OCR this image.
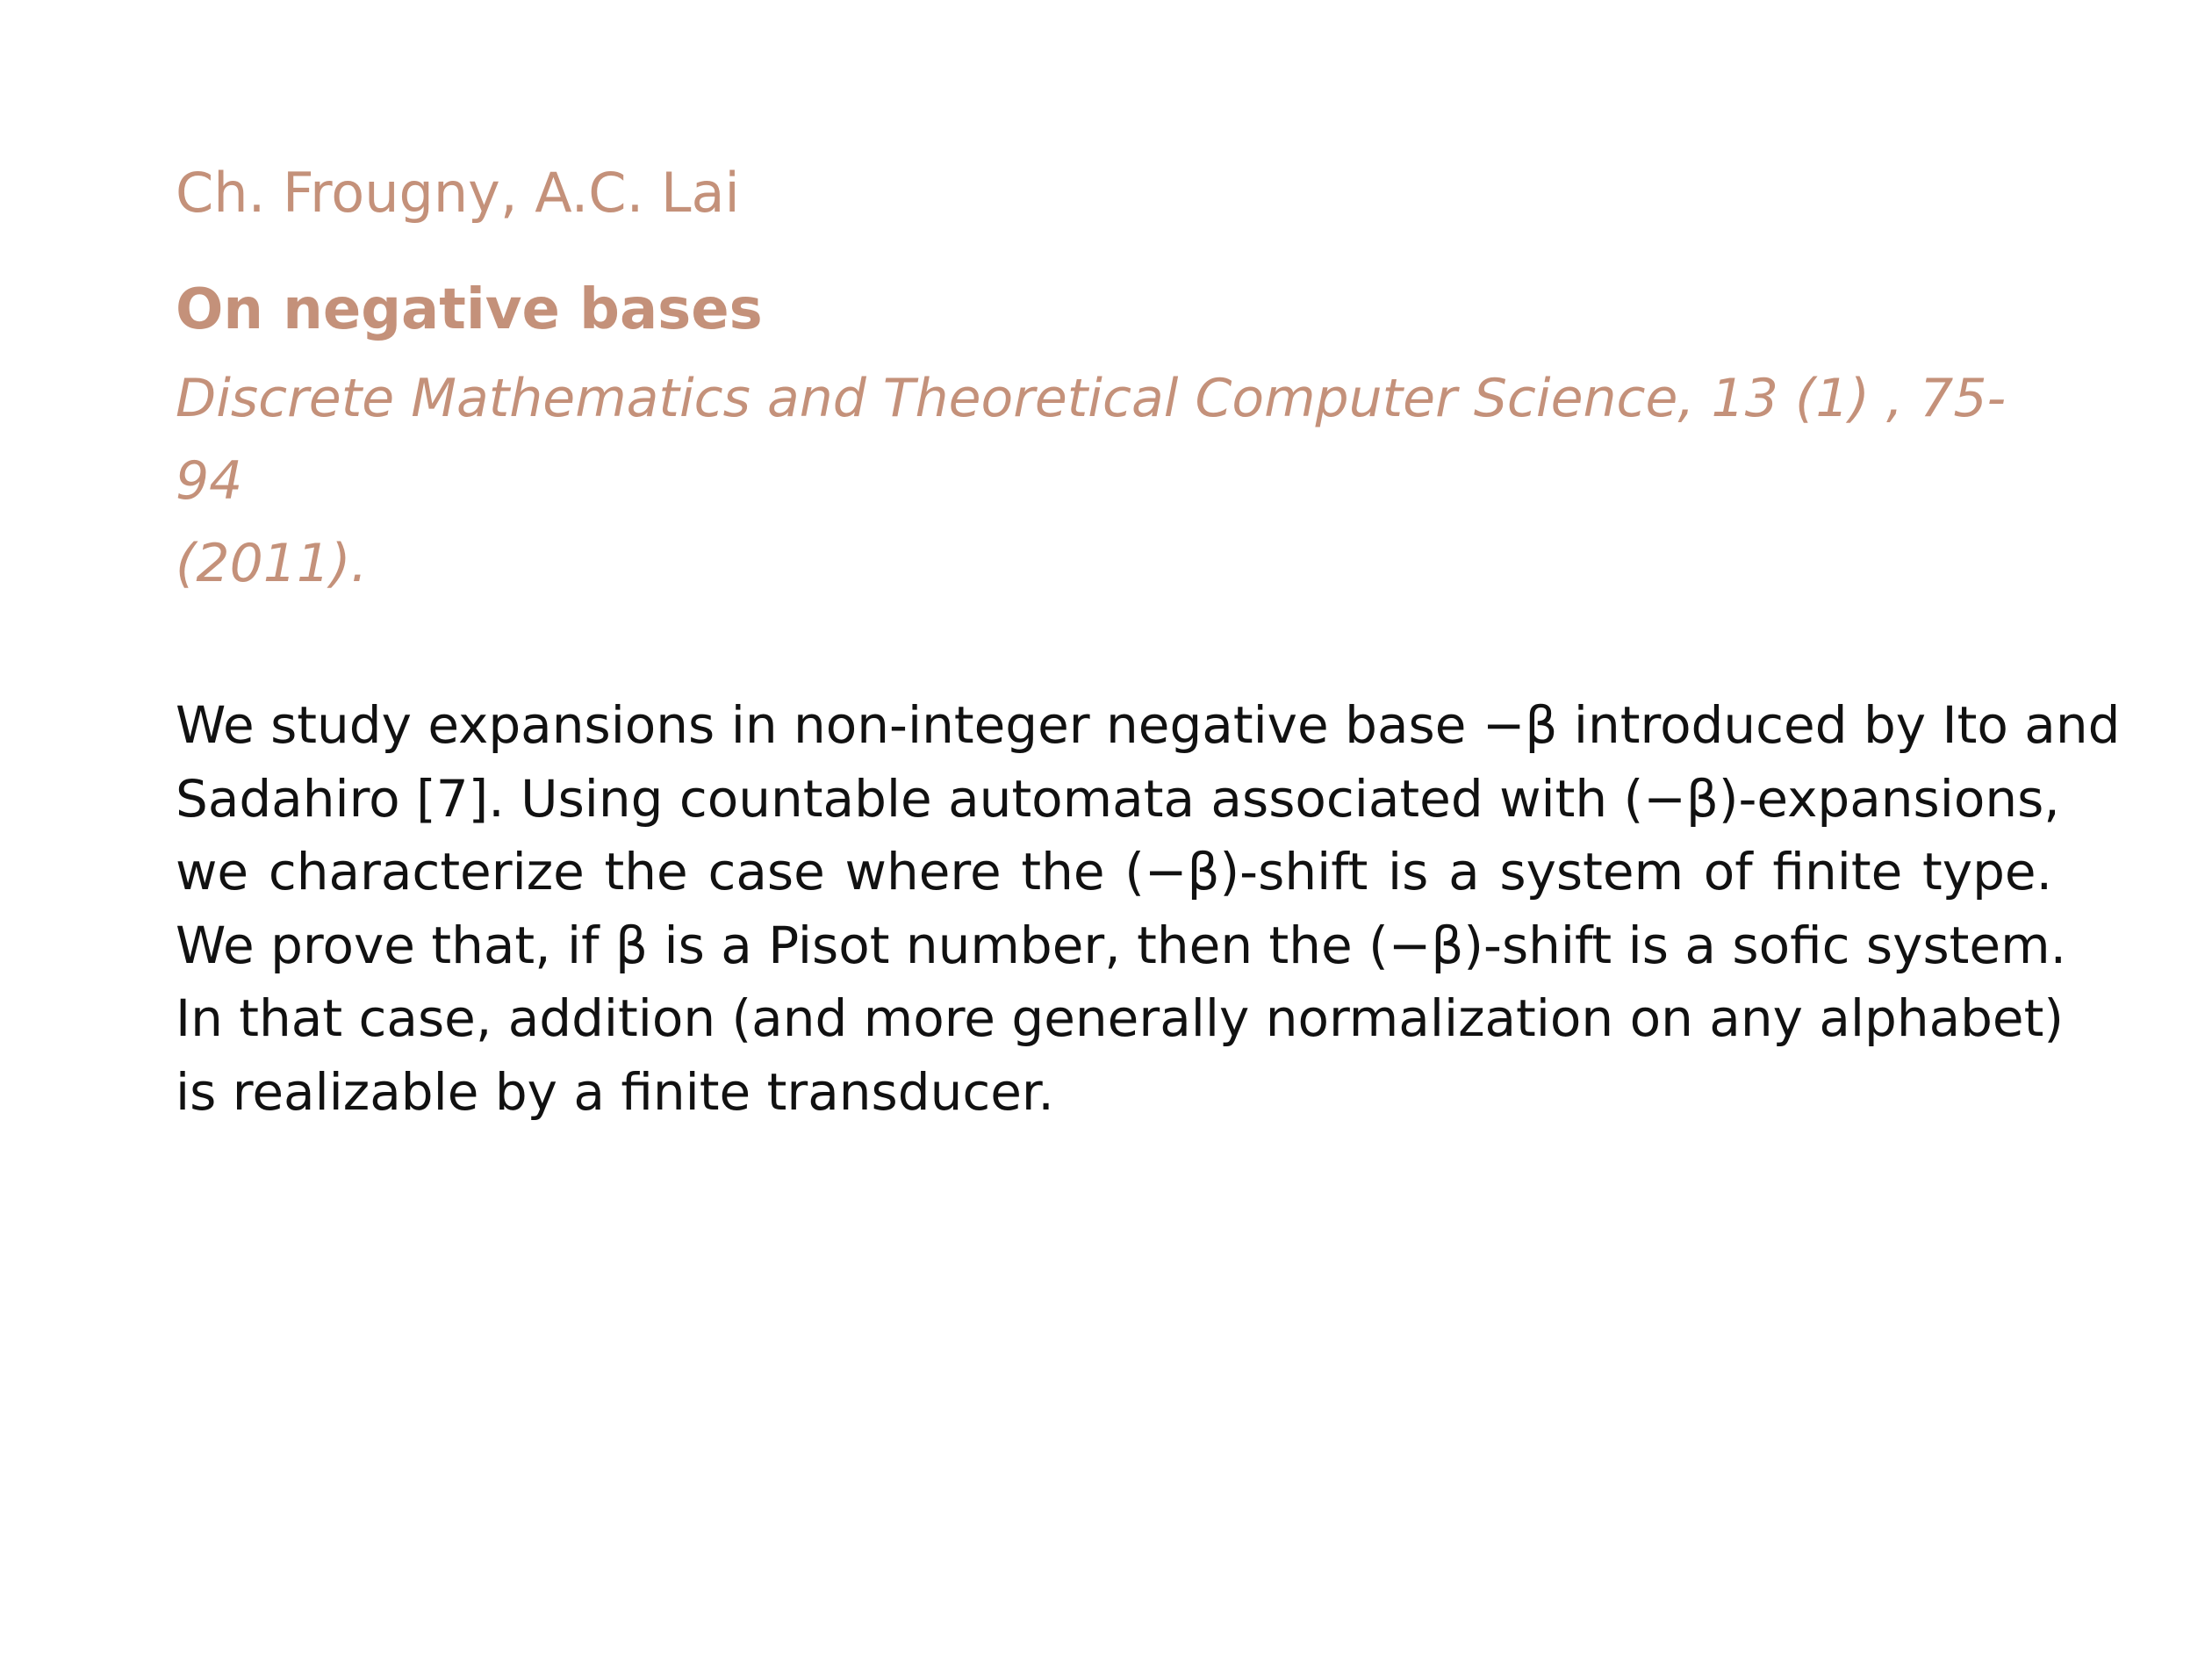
Ch. Frougny, A.C. Lai
On negative bases
Discrete Mathematics and Theoretical Computer Science, 13 (1) , 75-94
(2011).
We study expansions in non-integer negative base −β introduced by Ito and
Sadahiro [7]. Using countable automata associated with (−β)-expansions,
we characterize the case where the (−β)-shift is a system of finite type.
We prove that, if β is a Pisot number, then the (−β)-shift is a sofic system.
In that case, addition (and more generally normalization on any alphabet)
is realizable by a finite transducer.
